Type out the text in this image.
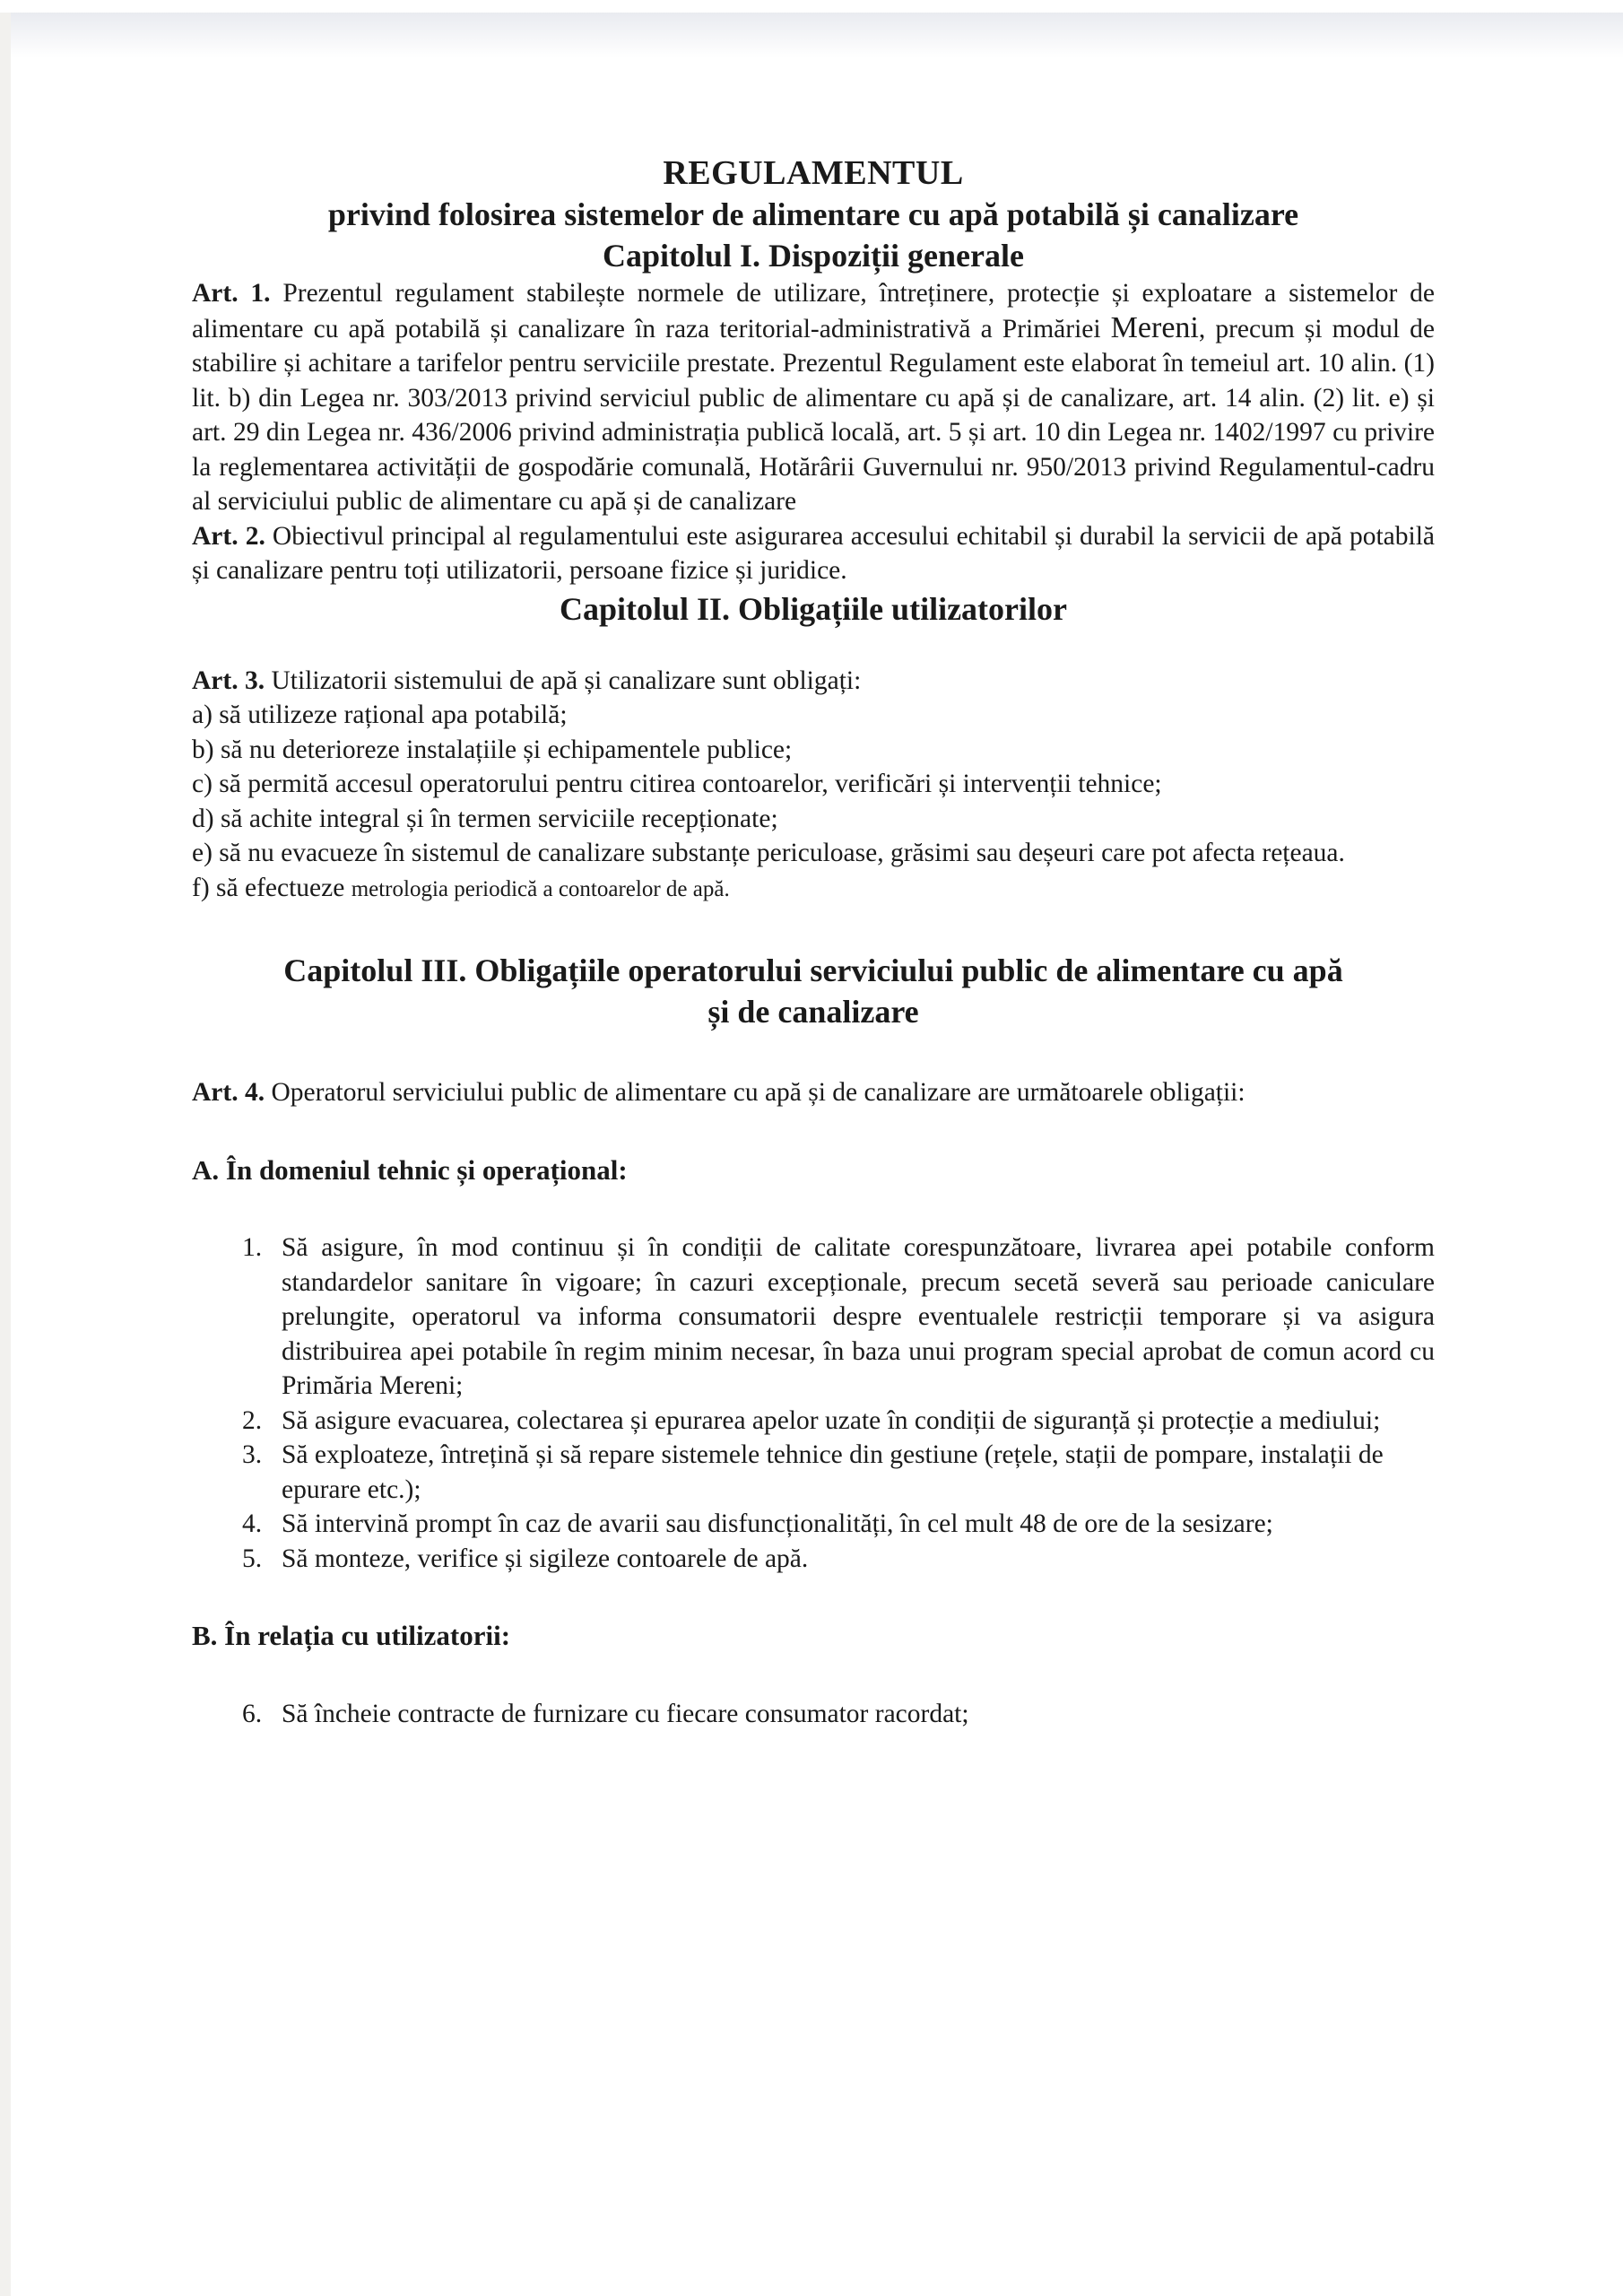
REGULAMENTUL
privind folosirea sistemelor de alimentare cu apă potabilă și canalizare
Capitolul I. Dispoziții generale

Art. 1. Prezentul regulament stabilește normele de utilizare, întreținere, protecție și exploatare a sistemelor de alimentare cu apă potabilă și canalizare în raza teritorial-administrativă a Primăriei Mereni, precum și modul de stabilire și achitare a tarifelor pentru serviciile prestate. Prezentul Regulament este elaborat în temeiul art. 10 alin. (1) lit. b) din Legea nr. 303/2013 privind serviciul public de alimentare cu apă și de canalizare, art. 14 alin. (2) lit. e) și art. 29 din Legea nr. 436/2006 privind administrația publică locală, art. 5 și art. 10 din Legea nr. 1402/1997 cu privire la reglementarea activității de gospodărie comunală, Hotărârii Guvernului nr. 950/2013 privind Regulamentul-cadru al serviciului public de alimentare cu apă și de canalizare

Art. 2. Obiectivul principal al regulamentului este asigurarea accesului echitabil și durabil la servicii de apă potabilă și canalizare pentru toți utilizatorii, persoane fizice și juridice.

Capitolul II. Obligațiile utilizatorilor

Art. 3. Utilizatorii sistemului de apă și canalizare sunt obligați:

a) să utilizeze rațional apa potabilă;

b) să nu deterioreze instalațiile și echipamentele publice;

c) să permită accesul operatorului pentru citirea contoarelor, verificări și intervenții tehnice;

d) să achite integral și în termen serviciile recepționate;

e) să nu evacueze în sistemul de canalizare substanțe periculoase, grăsimi sau deșeuri care pot afecta rețeaua.

f) să efectueze metrologia periodică a contoarelor de apă.

Capitolul III. Obligațiile operatorului serviciului public de alimentare cu apă
și de canalizare

Art. 4. Operatorul serviciului public de alimentare cu apă și de canalizare are următoarele obligații:

A. În domeniul tehnic și operațional:
1. Să asigure, în mod continuu și în condiții de calitate corespunzătoare, livrarea apei potabile conform standardelor sanitare în vigoare; în cazuri excepționale, precum secetă severă sau perioade caniculare prelungite, operatorul va informa consumatorii despre eventualele restricții temporare și va asigura distribuirea apei potabile în regim minim necesar, în baza unui program special aprobat de comun acord cu Primăria Mereni;
2. Să asigure evacuarea, colectarea și epurarea apelor uzate în condiții de siguranță și protecție a mediului;
3. Să exploateze, întrețină și să repare sistemele tehnice din gestiune (rețele, stații de pompare, instalații de epurare etc.);
4. Să intervină prompt în caz de avarii sau disfuncționalități, în cel mult 48 de ore de la sesizare;
5. Să monteze, verifice și sigileze contoarele de apă.
B. În relația cu utilizatorii:
6. Să încheie contracte de furnizare cu fiecare consumator racordat;
